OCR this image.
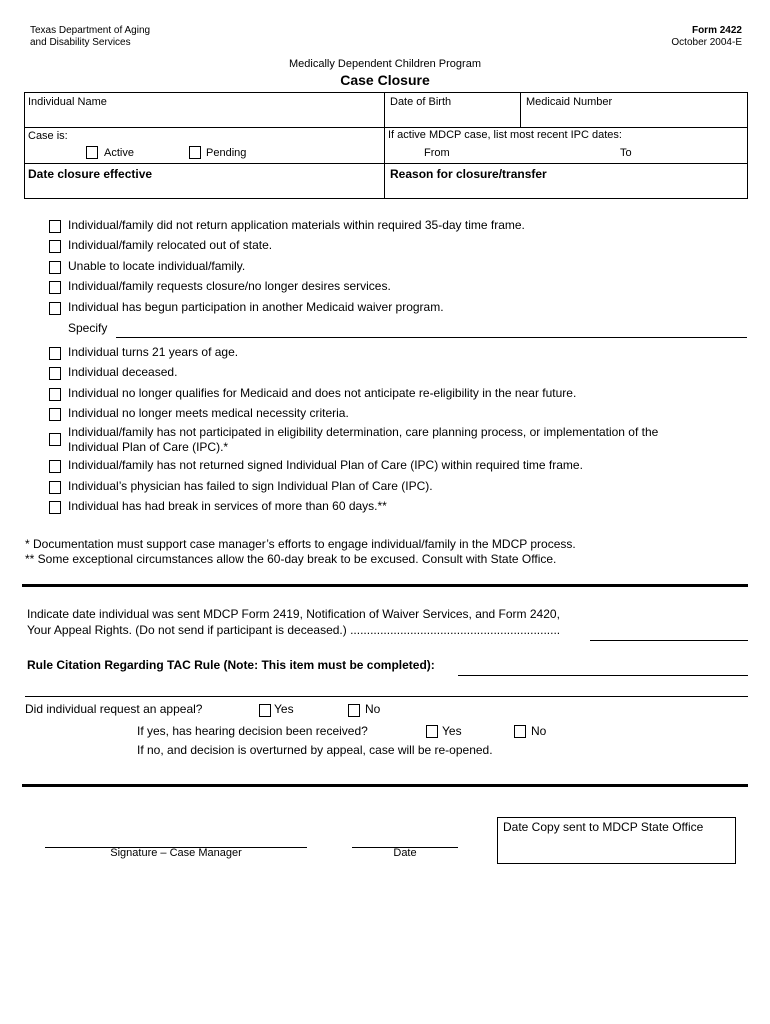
Texas Department of Aging
and Disability Services
Form 2422
October 2004-E
Medically Dependent Children Program
Case Closure
Individual Name	Date of Birth	Medicaid Number
Case is:
Active	Pending
If active MDCP case, list most recent IPC dates:
From	To
Date closure effective	Reason for closure/transfer
Individual/family did not return application materials within required 35-day time frame.
Individual/family relocated out of state.
Unable to locate individual/family.
Individual/family requests closure/no longer desires services.
Individual has begun participation in another Medicaid waiver program.
Specify
Individual turns 21 years of age.
Individual deceased.
Individual no longer qualifies for Medicaid and does not anticipate re-eligibility in the near future.
Individual no longer meets medical necessity criteria.
Individual/family has not participated in eligibility determination, care planning process, or implementation of the
Individual Plan of Care (IPC).*
Individual/family has not returned signed Individual Plan of Care (IPC) within required time frame.
Individual’s physician has failed to sign Individual Plan of Care (IPC).
Individual has had break in services of more than 60 days.**
* Documentation must support case manager’s efforts to engage individual/family in the MDCP process.
** Some exceptional circumstances allow the 60-day break to be excused. Consult with State Office.
Indicate date individual was sent MDCP Form 2419, Notification of Waiver Services, and Form 2420,
Your Appeal Rights. (Do not send if participant is deceased.) ...............................................................
Rule Citation Regarding TAC Rule (Note: This item must be completed):
Did individual request an appeal?	Yes	No
If yes, has hearing decision been received?	Yes	No
If no, and decision is overturned by appeal, case will be re-opened.
Signature – Case Manager	Date
Date Copy sent to MDCP State Office
